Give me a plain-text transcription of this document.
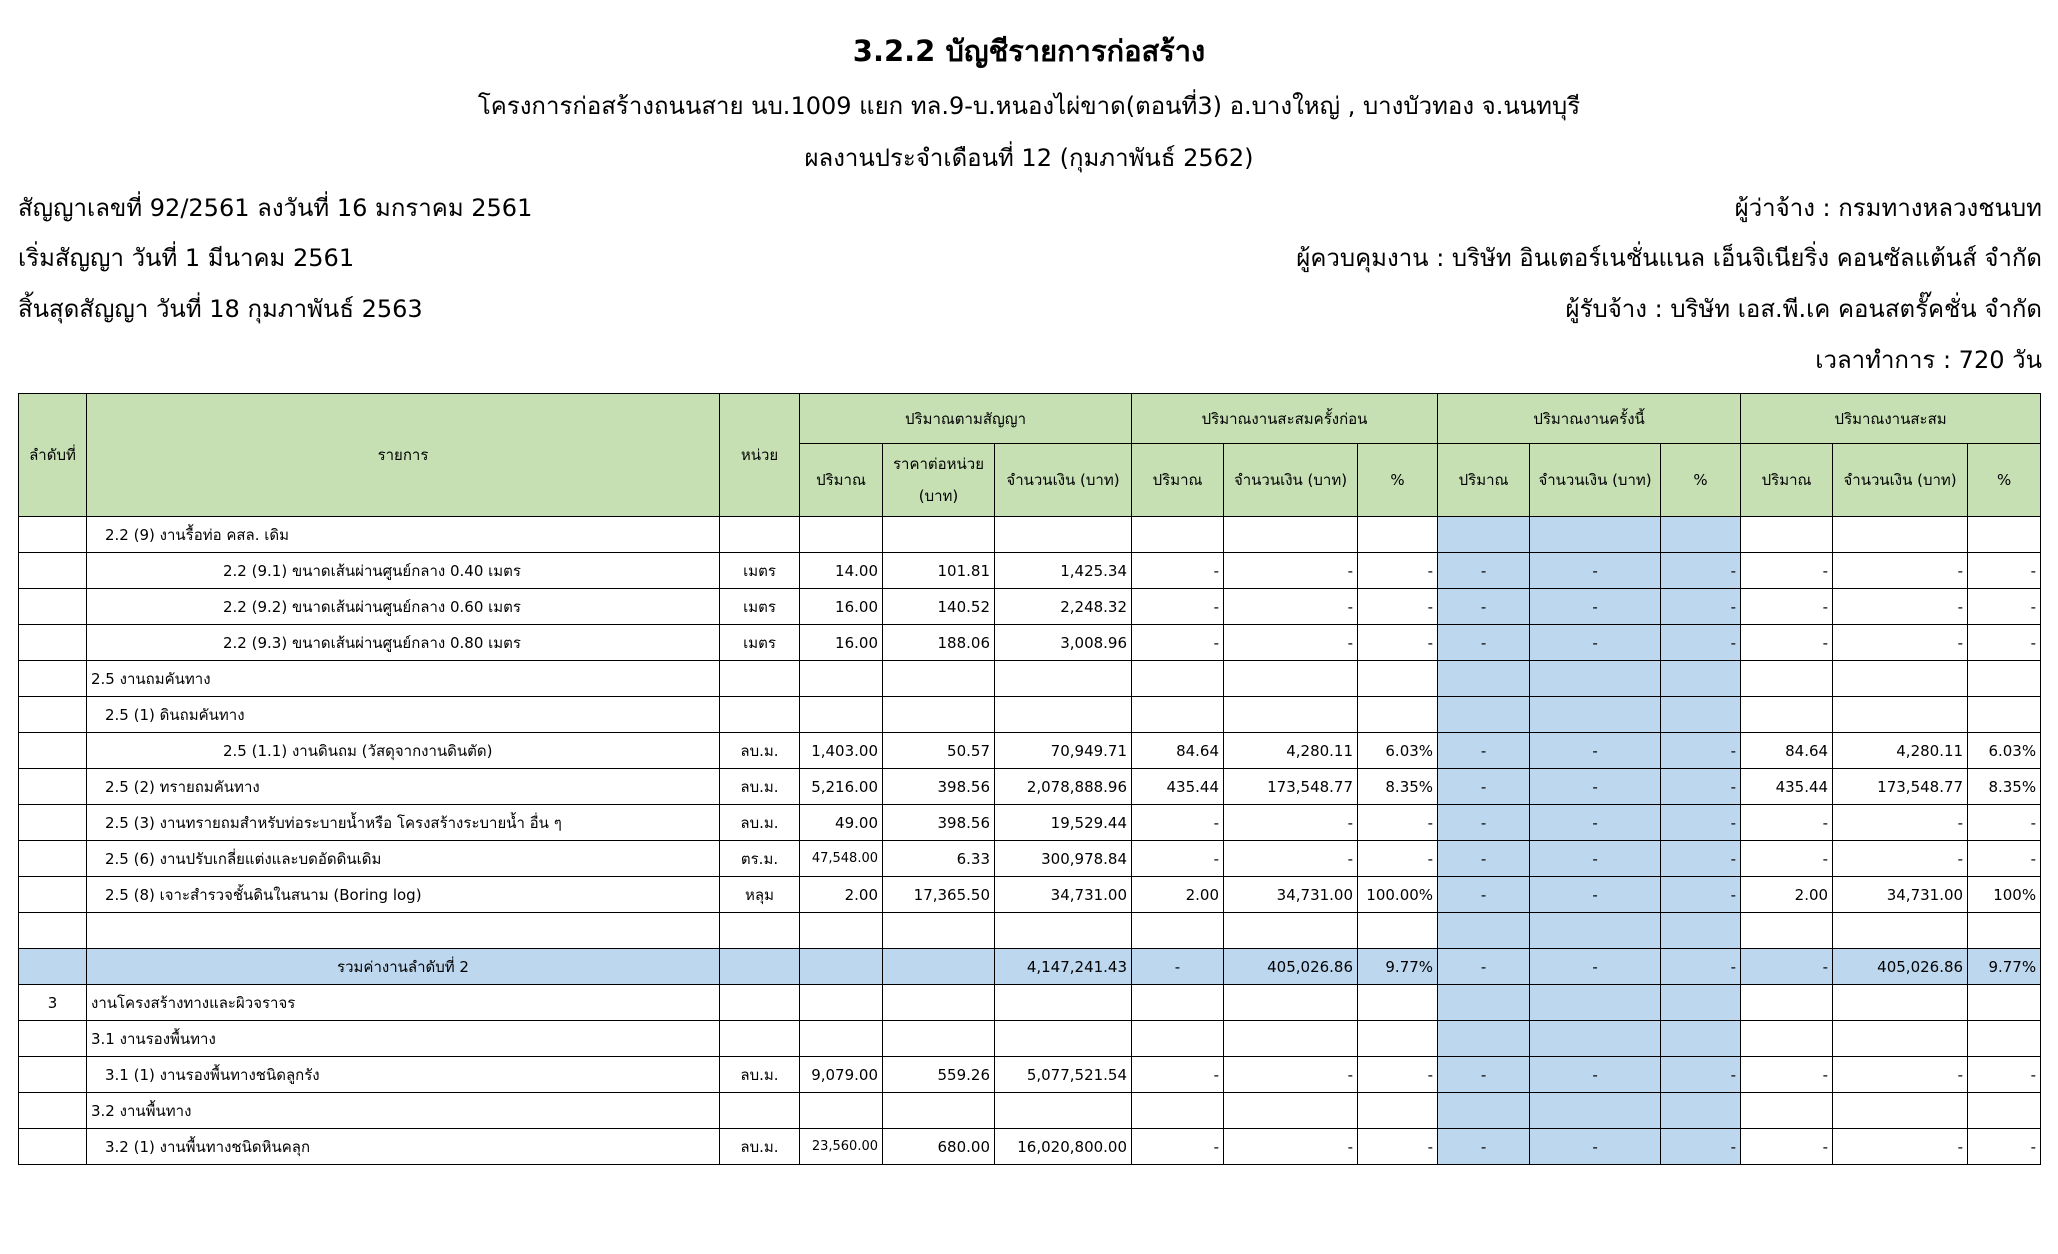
3.2.2 บัญชีรายการก่อสร้าง
โครงการก่อสร้างถนนสาย นบ.1009 แยก ทล.9-บ.หนองไผ่ขาด(ตอนที่3) อ.บางใหญ่ , บางบัวทอง จ.นนทบุรี
ผลงานประจำเดือนที่ 12 (กุมภาพันธ์ 2562)
สัญญาเลขที่ 92/2561 ลงวันที่ 16 มกราคม 2561
เริ่มสัญญา วันที่ 1 มีนาคม 2561
สิ้นสุดสัญญา วันที่ 18 กุมภาพันธ์ 2563
ผู้ว่าจ้าง : กรมทางหลวงชนบท
ผู้ควบคุมงาน : บริษัท อินเตอร์เนชั่นแนล เอ็นจิเนียริ่ง คอนซัลแต้นส์ จำกัด
ผู้รับจ้าง : บริษัท เอส.พี.เค คอนสตรั๊คชั่น จำกัด
เวลาทำการ : 720 วัน
ลำดับที่	รายการ	หน่วย	ปริมาณตามสัญญา			ปริมาณงานสะสมครั้งก่อน			ปริมาณงานครั้งนี้			ปริมาณงานสะสม		
			ปริมาณ	ราคาต่อหน่วย (บาท)	จำนวนเงิน (บาท)	ปริมาณ	จำนวนเงิน (บาท)	%	ปริมาณ	จำนวนเงิน (บาท)	%	ปริมาณ	จำนวนเงิน (บาท)	%
	2.2 (9) งานรื้อท่อ คสล. เดิม													
	2.2 (9.1) ขนาดเส้นผ่านศูนย์กลาง 0.40 เมตร	เมตร	14.00	101.81	1,425.34	-	-	-	-	-	-	-	-	-
	2.2 (9.2) ขนาดเส้นผ่านศูนย์กลาง 0.60 เมตร	เมตร	16.00	140.52	2,248.32	-	-	-	-	-	-	-	-	-
	2.2 (9.3) ขนาดเส้นผ่านศูนย์กลาง 0.80 เมตร	เมตร	16.00	188.06	3,008.96	-	-	-	-	-	-	-	-	-
	2.5 งานถมคันทาง													
	2.5 (1) ดินถมคันทาง													
	2.5 (1.1) งานดินถม (วัสดุจากงานดินตัด)	ลบ.ม.	1,403.00	50.57	70,949.71	84.64	4,280.11	6.03%	-	-	-	84.64	4,280.11	6.03%
	2.5 (2) ทรายถมคันทาง	ลบ.ม.	5,216.00	398.56	2,078,888.96	435.44	173,548.77	8.35%	-	-	-	435.44	173,548.77	8.35%
	2.5 (3) งานทรายถมสำหรับท่อระบายน้ำหรือ โครงสร้างระบายน้ำ อื่น ๆ	ลบ.ม.	49.00	398.56	19,529.44	-	-	-	-	-	-	-	-	-
	2.5 (6) งานปรับเกลี่ยแต่งและบดอัดดินเดิม	ตร.ม.	47,548.00	6.33	300,978.84	-	-	-	-	-	-	-	-	-
	2.5 (8) เจาะสำรวจชั้นดินในสนาม (Boring log)	หลุม	2.00	17,365.50	34,731.00	2.00	34,731.00	100.00%	-	-	-	2.00	34,731.00	100%

	รวมค่างานลำดับที่ 2				4,147,241.43	-	405,026.86	9.77%	-	-	-	-	405,026.86	9.77%
3	งานโครงสร้างทางและผิวจราจร													
	3.1 งานรองพื้นทาง													
	3.1 (1) งานรองพื้นทางชนิดลูกรัง	ลบ.ม.	9,079.00	559.26	5,077,521.54	-	-	-	-	-	-	-	-	-
	3.2 งานพื้นทาง													
	3.2 (1) งานพื้นทางชนิดหินคลุก	ลบ.ม.	23,560.00	680.00	16,020,800.00	-	-	-	-	-	-	-	-	-
